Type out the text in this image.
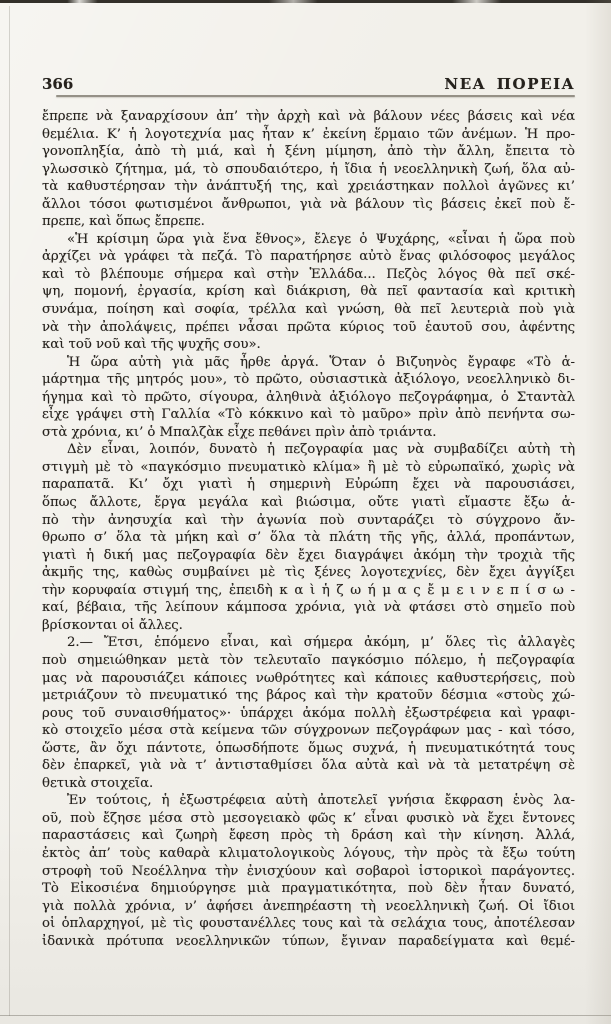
366	ΝΕΑ ΠΟΡΕΙΑ
ἔπρεπε νὰ ξαναρχίσουν ἀπ’ τὴν ἀρχὴ καὶ νὰ βάλουν νέες βάσεις καὶ νέα
θεμέλια. Κ’ ἡ λογοτεχνία μας ἦταν κ’ ἐκείνη ἕρμαιο τῶν ἀνέμων. Ἡ προ-
γονοπληξία, ἀπὸ τὴ μιά, καὶ ἡ ξένη μίμηση, ἀπὸ τὴν ἄλλη, ἔπειτα τὸ
γλωσσικὸ ζήτημα, μά, τὸ σπουδαιότερο, ἡ ἴδια ἡ νεοελληνικὴ ζωή, ὅλα αὐ-
τὰ καθυστέρησαν τὴν ἀνάπτυξή της, καὶ χρειάστηκαν πολλοὶ ἀγῶνες κι’
ἄλλοι τόσοι φωτισμένοι ἄνθρωποι, γιὰ νὰ βάλουν τὶς βάσεις ἐκεῖ ποὺ ἔ-
πρεπε, καὶ ὅπως ἔπρεπε.
«Ἡ κρίσιμη ὥρα γιὰ ἕνα ἔθνος», ἔλεγε ὁ Ψυχάρης, «εἶναι ἡ ὥρα ποὺ
ἀρχίζει νὰ γράφει τὰ πεζά. Τὸ παρατήρησε αὐτὸ ἕνας φιλόσοφος μεγάλος
καὶ τὸ βλέπουμε σήμερα καὶ στὴν Ἑλλάδα... Πεζὸς λόγος θὰ πεῖ σκέ-
ψη, πομονή, ἐργασία, κρίση καὶ διάκριση, θὰ πεῖ φαντασία καὶ κριτικὴ
συνάμα, ποίηση καὶ σοφία, τρέλλα καὶ γνώση, θὰ πεῖ λευτεριὰ ποὺ γιὰ
νὰ τὴν ἀπολάψεις, πρέπει νἆσαι πρῶτα κύριος τοῦ ἑαυτοῦ σου, ἀφέντης
καὶ τοῦ νοῦ καὶ τῆς ψυχῆς σου».
Ἡ ὥρα αὐτὴ γιὰ μᾶς ἦρθε ἀργά. Ὅταν ὁ Βιζυηνὸς ἔγραφε «Τὸ ἁ-
μάρτημα τῆς μητρός μου», τὸ πρῶτο, οὐσιαστικὰ ἀξιόλογο, νεοελληνικὸ δι-
ήγημα καὶ τὸ πρῶτο, σίγουρα, ἀληθινὰ ἀξιόλογο πεζογράφημα, ὁ Σταντὰλ
εἶχε γράψει στὴ Γαλλία «Τὸ κόκκινο καὶ τὸ μαῦρο» πρὶν ἀπὸ πενήντα σω-
στὰ χρόνια, κι’ ὁ Μπαλζὰκ εἶχε πεθάνει πρὶν ἀπὸ τριάντα.
Δὲν εἶναι, λοιπόν, δυνατὸ ἡ πεζογραφία μας νὰ συμβαδίζει αὐτὴ τὴ
στιγμὴ μὲ τὸ «παγκόσμιο πνευματικὸ κλίμα» ἢ μὲ τὸ εὐρωπαϊκό, χωρὶς νὰ
παραπατᾶ. Κι’ ὄχι γιατὶ ἡ σημερινὴ Εὐρώπη ἔχει νὰ παρουσιάσει,
ὅπως ἄλλοτε, ἔργα μεγάλα καὶ βιώσιμα, οὔτε γιατὶ εἴμαστε ἔξω ἀ-
πὸ τὴν ἀνησυχία καὶ τὴν ἀγωνία ποὺ συνταράζει τὸ σύγχρονο ἄν-
θρωπο σ’ ὅλα τὰ μήκη καὶ σ’ ὅλα τὰ πλάτη τῆς γῆς, ἀλλά, προπάντων,
γιατὶ ἡ δική μας πεζογραφία δὲν ἔχει διαγράψει ἀκόμη τὴν τροχιὰ τῆς
ἀκμῆς της, καθὼς συμβαίνει μὲ τὶς ξένες λογοτεχνίες, δὲν ἔχει ἀγγίξει
τὴν κορυφαία στιγμή της, ἐπειδὴ κ α ὶ ἡ ζ ω ή μ α ς ἔ μ ε ι ν ε π ί σ ω -
καί, βέβαια, τῆς λείπουν κάμποσα χρόνια, γιὰ νὰ φτάσει στὸ σημεῖο ποὺ
βρίσκονται οἱ ἄλλες.
2.— Ἔτσι, ἑπόμενο εἶναι, καὶ σήμερα ἀκόμη, μ’ ὅλες τὶς ἀλλαγὲς
ποὺ σημειώθηκαν μετὰ τὸν τελευταῖο παγκόσμιο πόλεμο, ἡ πεζογραφία
μας νὰ παρουσιάζει κάποιες νωθρότητες καὶ κάποιες καθυστερήσεις, ποὺ
μετριάζουν τὸ πνευματικό της βάρος καὶ τὴν κρατοῦν δέσμια «στοὺς χώ-
ρους τοῦ συναισθήματος»· ὑπάρχει ἀκόμα πολλὴ ἐξωστρέφεια καὶ γραφι-
κὸ στοιχεῖο μέσα στὰ κείμενα τῶν σύγχρονων πεζογράφων μας - καὶ τόσο,
ὥστε, ἂν ὄχι πάντοτε, ὁπωσδήποτε ὅμως συχνά, ἡ πνευματικότητά τους
δὲν ἐπαρκεῖ, γιὰ νὰ τ’ ἀντισταθμίσει ὅλα αὐτὰ καὶ νὰ τὰ μετατρέψη σὲ
θετικὰ στοιχεῖα.
Ἐν τούτοις, ἡ ἐξωστρέφεια αὐτὴ ἀποτελεῖ γνήσια ἔκφραση ἑνὸς λα-
οῦ, ποὺ ἔζησε μέσα στὸ μεσογειακὸ φῶς κ’ εἶναι φυσικὸ νὰ ἔχει ἔντονες
παραστάσεις καὶ ζωηρὴ ἔφεση πρὸς τὴ δράση καὶ τὴν κίνηση. Ἀλλά,
ἐκτὸς ἀπ’ τοὺς καθαρὰ κλιματολογικοὺς λόγους, τὴν πρὸς τὰ ἔξω τούτη
στροφὴ τοῦ Νεοέλληνα τὴν ἐνισχύουν καὶ σοβαροὶ ἱστορικοὶ παράγοντες.
Τὸ Εἰκοσιένα δημιούργησε μιὰ πραγματικότητα, ποὺ δὲν ἦταν δυνατό,
γιὰ πολλὰ χρόνια, ν’ ἀφήσει ἀνεπηρέαστη τὴ νεοελληνικὴ ζωή. Οἱ ἴδιοι
οἱ ὁπλαρχηγοί, μὲ τὶς φουστανέλλες τους καὶ τὰ σελάχια τους, ἀποτέλεσαν
ἰδανικὰ πρότυπα νεοελληνικῶν τύπων, ἔγιναν παραδείγματα καὶ θεμέ-
